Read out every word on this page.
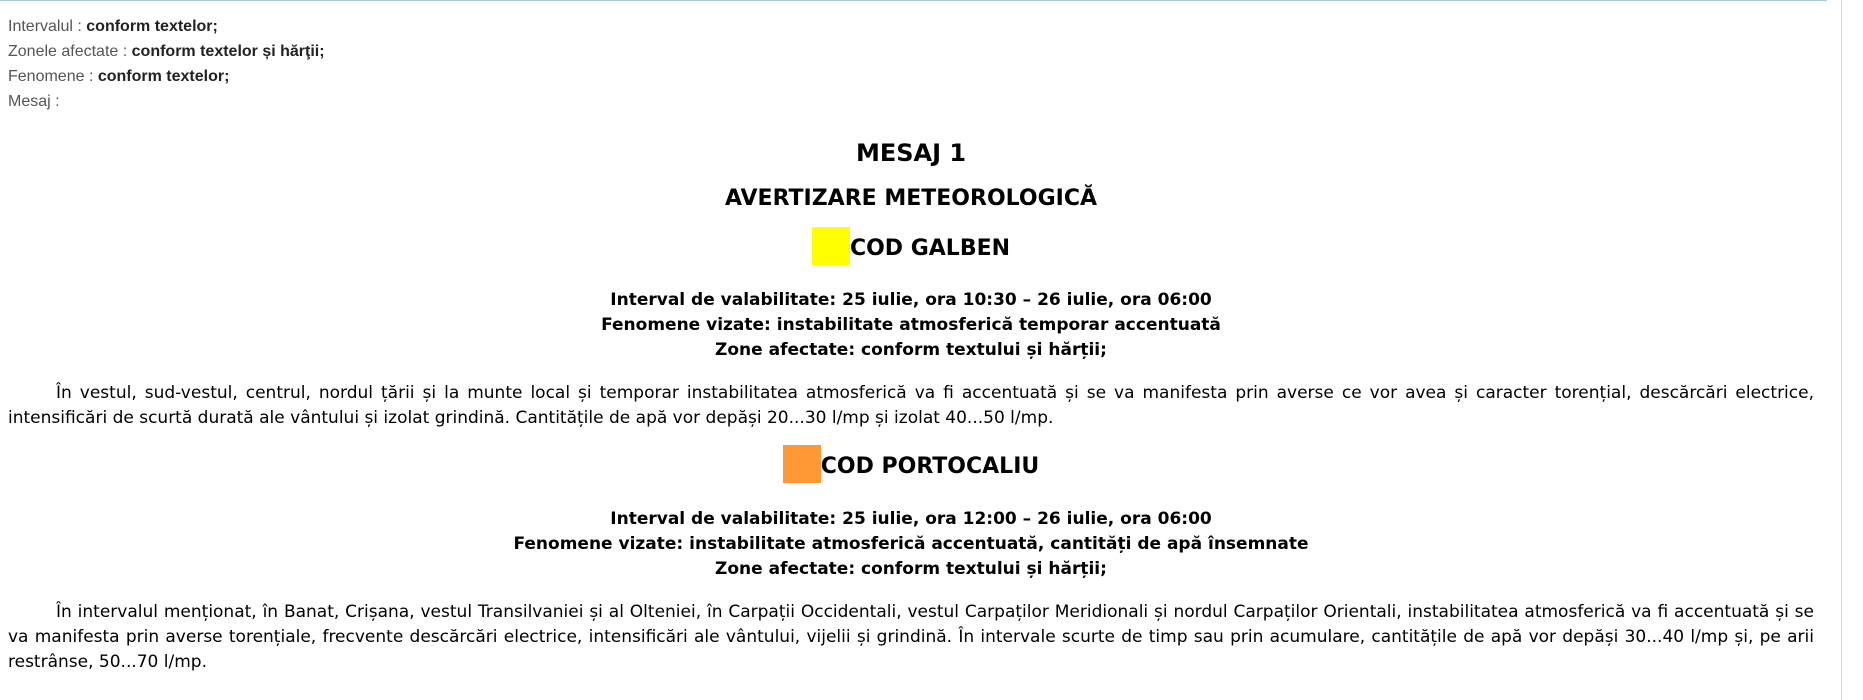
Intervalul : conform textelor;
Zonele afectate : conform textelor și hărţii;
Fenomene : conform textelor;
Mesaj :
MESAJ 1
AVERTIZARE METEOROLOGICĂ
COD GALBEN
Interval de valabilitate: 25 iulie, ora 10:30 – 26 iulie, ora 06:00
Fenomene vizate: instabilitate atmosferică temporar accentuată
Zone afectate: conform textului și hărții;

În vestul, sud-vestul, centrul, nordul țării și la munte local și temporar instabilitatea atmosferică va fi accentuată și se va manifesta prin averse ce vor avea și caracter torențial, descărcări electrice, intensificări de scurtă durată ale vântului și izolat grindină. Cantitățile de apă vor depăși 20...30 l/mp și izolat 40...50 l/mp.

COD PORTOCALIU
Interval de valabilitate: 25 iulie, ora 12:00 – 26 iulie, ora 06:00
Fenomene vizate: instabilitate atmosferică accentuată, cantități de apă însemnate
Zone afectate: conform textului și hărții;

În intervalul menționat, în Banat, Crișana, vestul Transilvaniei și al Olteniei, în Carpații Occidentali, vestul Carpaților Meridionali și nordul Carpaților Orientali, instabilitatea atmosferică va fi accentuată și se va manifesta prin averse torențiale, frecvente descărcări electrice, intensificări ale vântului, vijelii și grindină. În intervale scurte de timp sau prin acumulare, cantitățile de apă vor depăși 30...40 l/mp și, pe arii restrânse, 50...70 l/mp.
